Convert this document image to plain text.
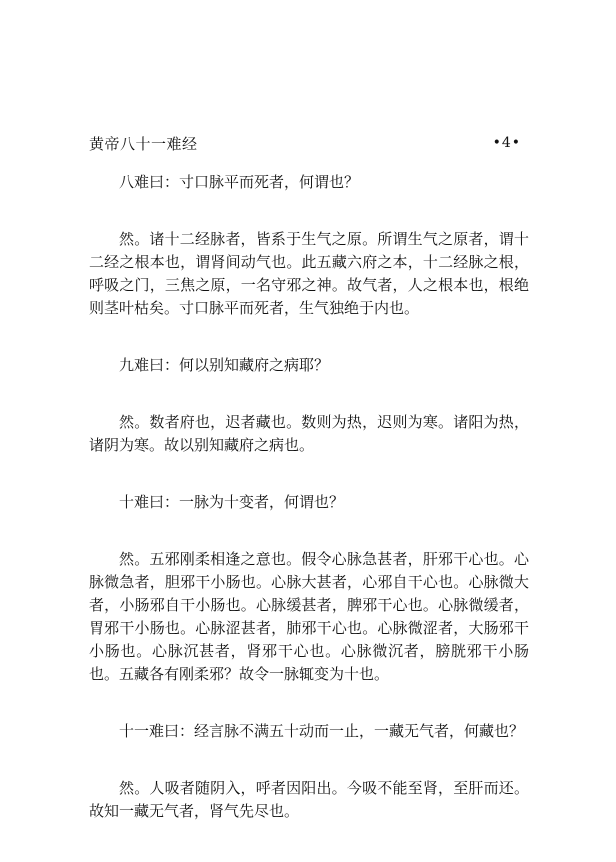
黄帝八十一难经	•4•

八难曰：寸口脉平而死者，何谓也？

然。诸十二经脉者，皆系于生气之原。所谓生气之原者，谓十二经之根本也，谓肾间动气也。此五藏六府之本，十二经脉之根，呼吸之门，三焦之原，一名守邪之神。故气者，人之根本也，根绝则茎叶枯矣。寸口脉平而死者，生气独绝于内也。

九难曰：何以别知藏府之病耶？

然。数者府也，迟者藏也。数则为热，迟则为寒。诸阳为热，诸阴为寒。故以别知藏府之病也。

十难曰：一脉为十变者，何谓也？

然。五邪刚柔相逢之意也。假令心脉急甚者，肝邪干心也。心脉微急者，胆邪干小肠也。心脉大甚者，心邪自干心也。心脉微大者，小肠邪自干小肠也。心脉缓甚者，脾邪干心也。心脉微缓者，胃邪干小肠也。心脉涩甚者，肺邪干心也。心脉微涩者，大肠邪干小肠也。心脉沉甚者，肾邪干心也。心脉微沉者，膀胱邪干小肠也。五藏各有刚柔邪？故令一脉辄变为十也。

十一难曰：经言脉不满五十动而一止，一藏无气者，何藏也？

然。人吸者随阴入，呼者因阳出。今吸不能至肾，至肝而还。故知一藏无气者，肾气先尽也。
